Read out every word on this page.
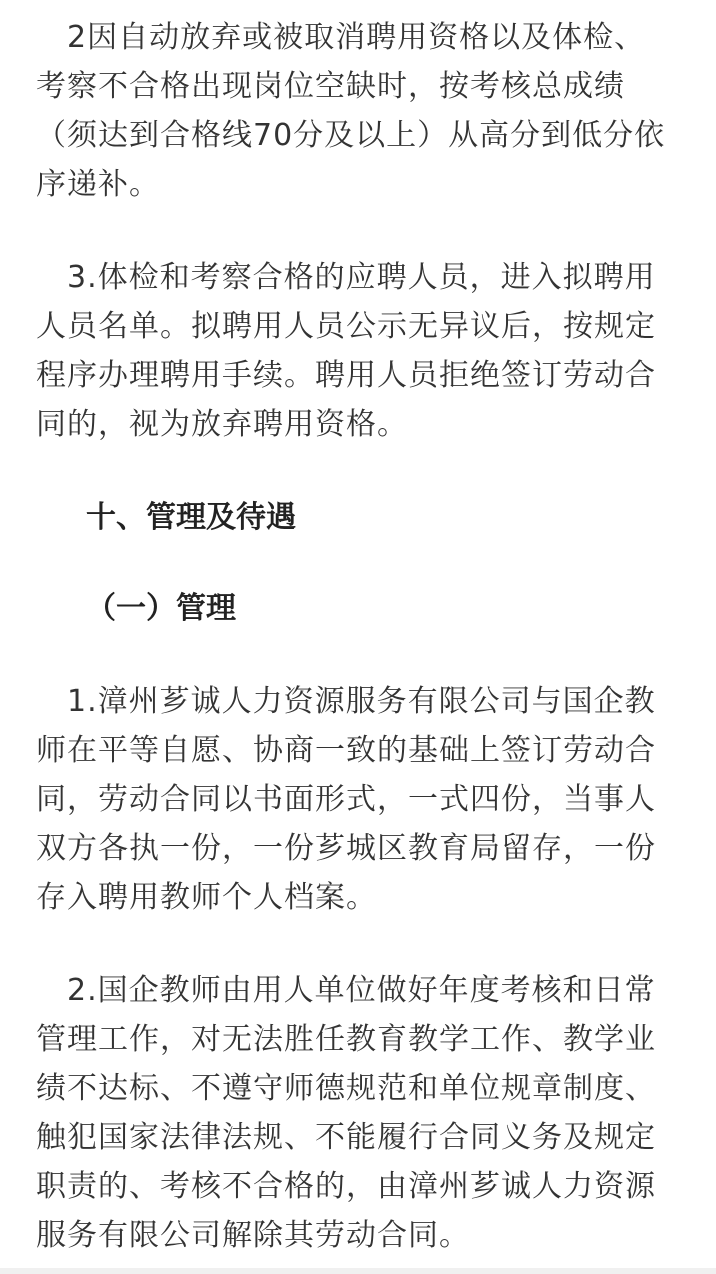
　2因自动放弃或被取消聘用资格以及体检、
考察不合格出现岗位空缺时，按考核总成绩
（须达到合格线70分及以上）从高分到低分依
序递补。
　3.体检和考察合格的应聘人员，进入拟聘用
人员名单。拟聘用人员公示无异议后，按规定
程序办理聘用手续。聘用人员拒绝签订劳动合
同的，视为放弃聘用资格。
十、管理及待遇
（一）管理
　1.漳州芗诚人力资源服务有限公司与国企教
师在平等自愿、协商一致的基础上签订劳动合
同，劳动合同以书面形式，一式四份，当事人
双方各执一份，一份芗城区教育局留存，一份
存入聘用教师个人档案。
　2.国企教师由用人单位做好年度考核和日常
管理工作，对无法胜任教育教学工作、教学业
绩不达标、不遵守师德规范和单位规章制度、
触犯国家法律法规、不能履行合同义务及规定
职责的、考核不合格的，由漳州芗诚人力资源
服务有限公司解除其劳动合同。
